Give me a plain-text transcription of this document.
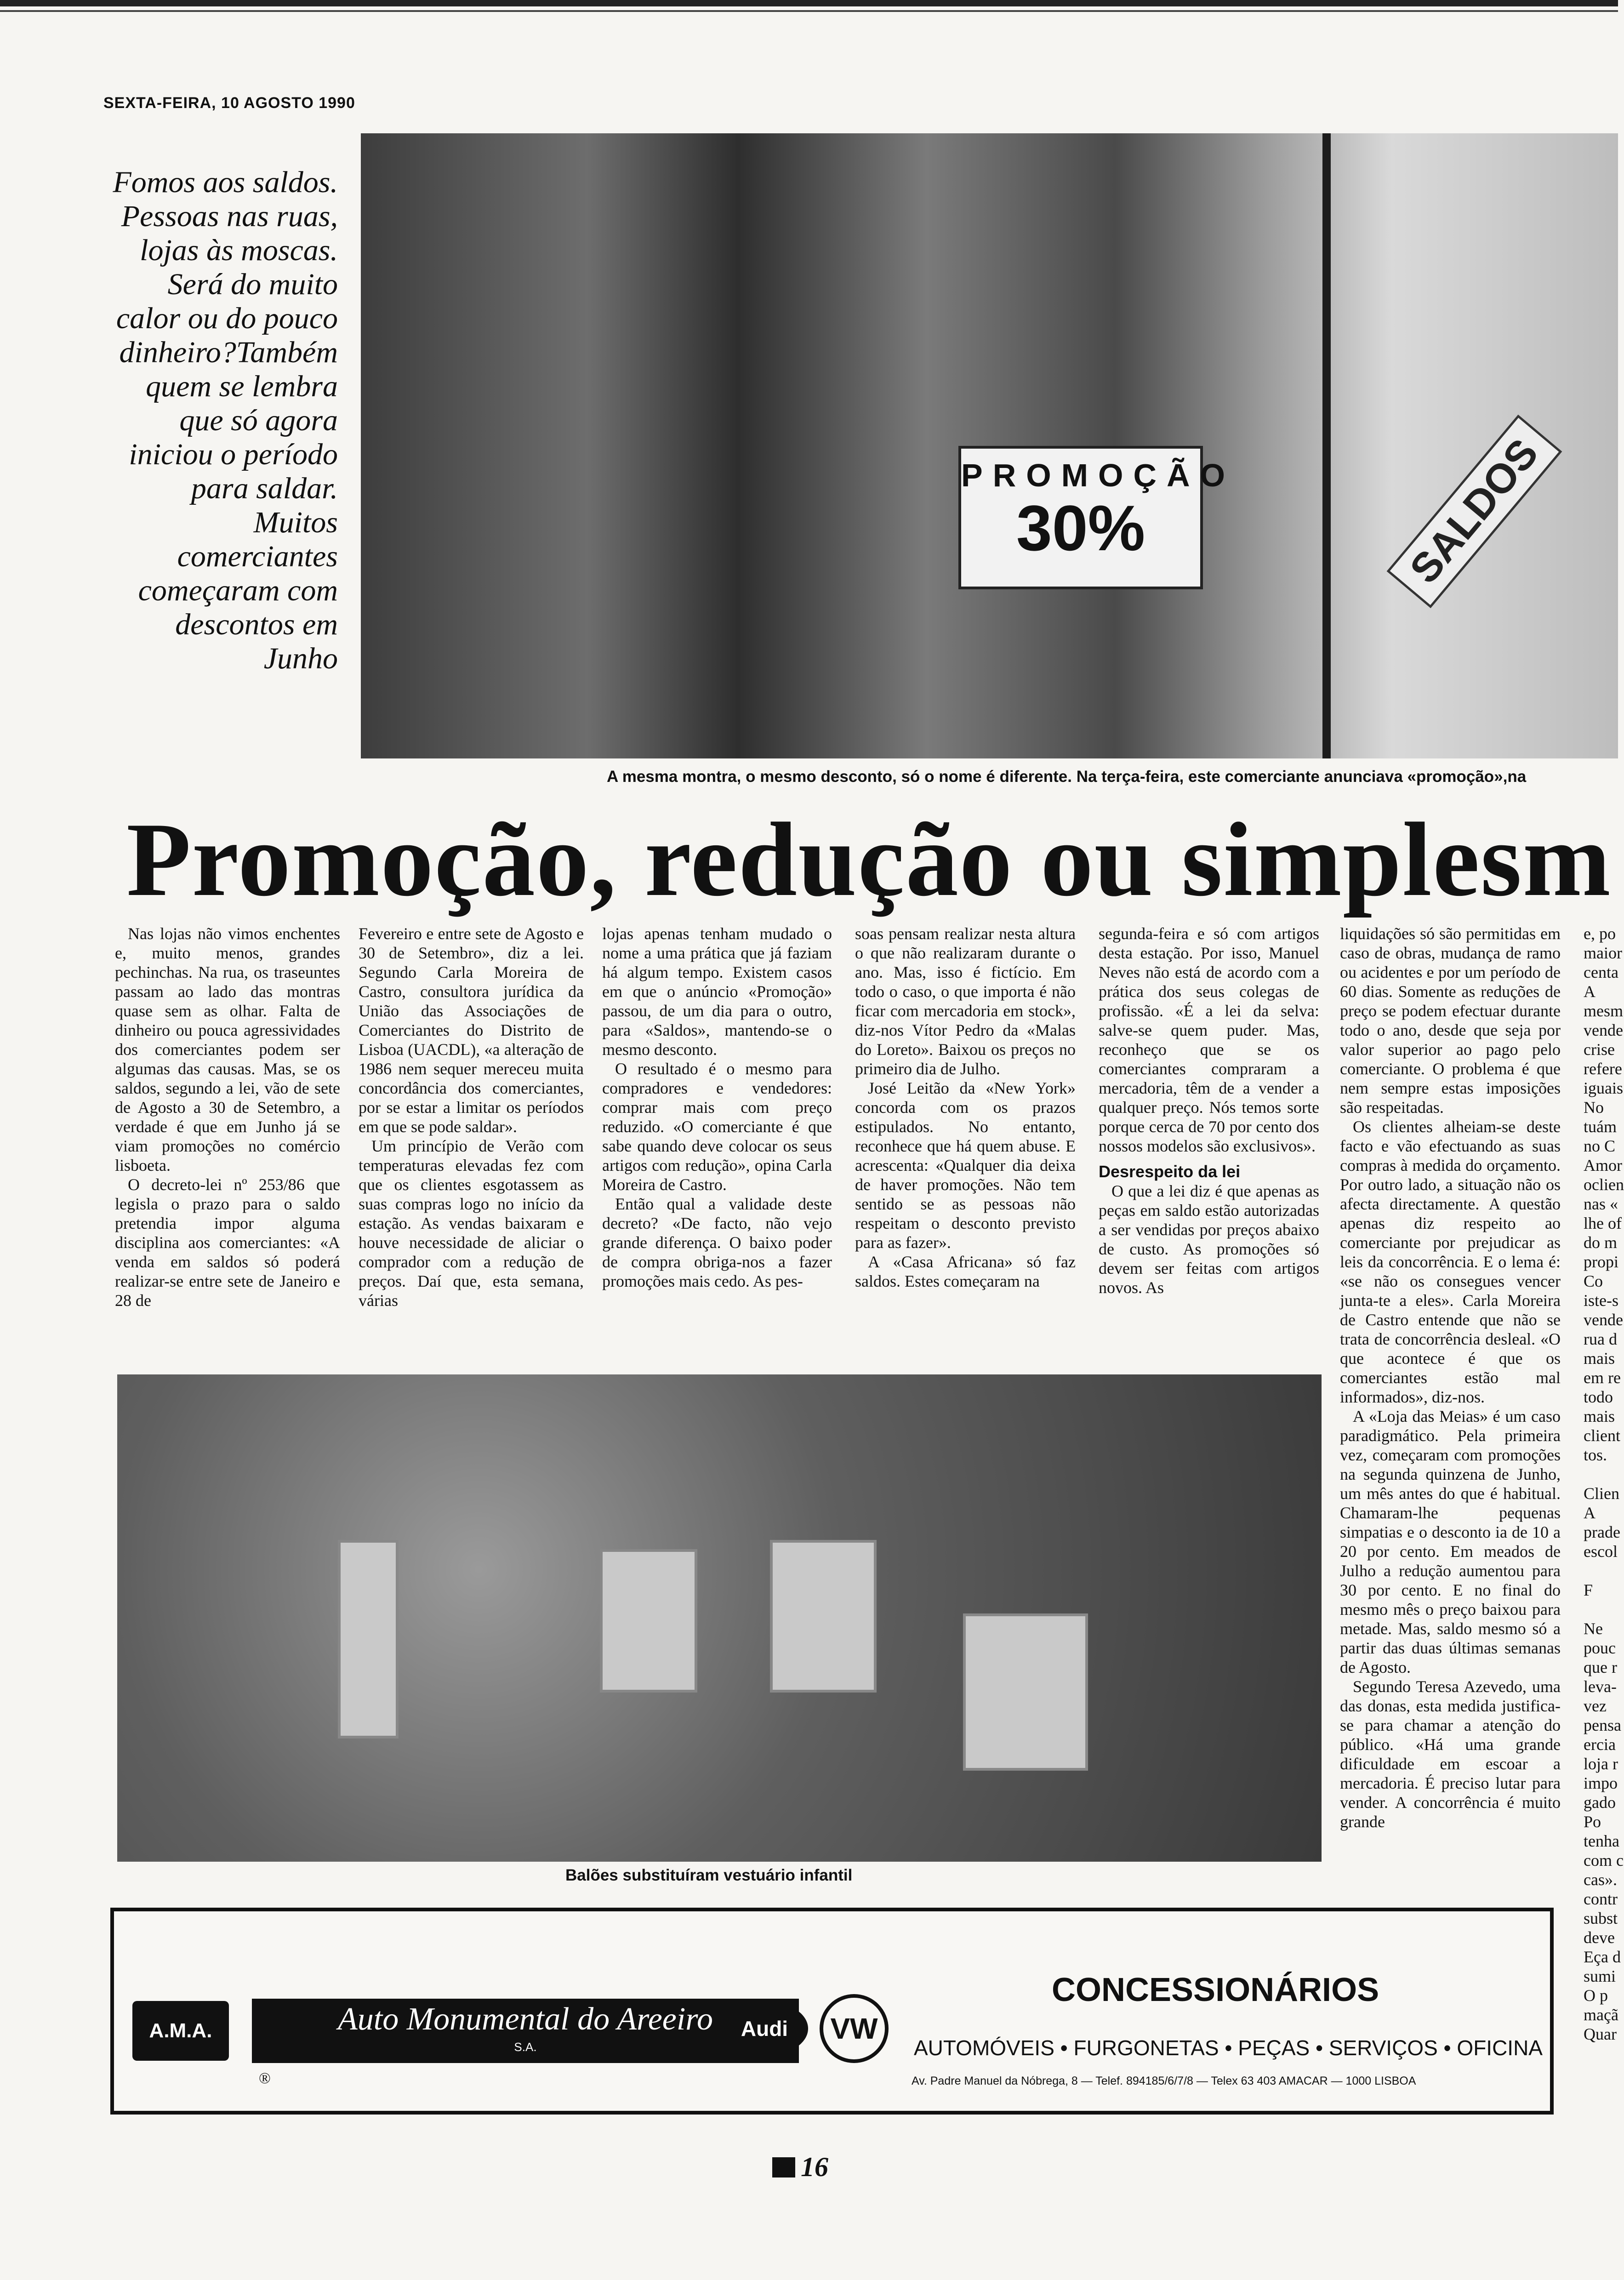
SEXTA-FEIRA, 10 AGOSTO 1990
Fomos aos saldos. Pessoas nas ruas, lojas às moscas. Será do muito calor ou do pouco dinheiro?Também quem se lembra que só agora iniciou o período para saldar. Muitos comerciantes começaram com descontos em Junho
PROMOÇÃO
30%	SALDOS
A mesma montra, o mesmo desconto, só o nome é diferente. Na terça-feira, este comerciante anunciava «promoção»,na
Promoção, redução ou simplesm

Nas lojas não vimos enchentes e, muito menos, grandes pechinchas. Na rua, os traseuntes passam ao lado das montras quase sem as olhar. Falta de dinheiro ou pouca agressividades dos comerciantes podem ser algumas das causas. Mas, se os saldos, segundo a lei, vão de sete de Agosto a 30 de Setembro, a verdade é que em Junho já se viam promoções no comércio lisboeta.

O decreto-lei nº 253/86 que legisla o prazo para o saldo pretendia impor alguma disciplina aos comerciantes: «A venda em saldos só poderá realizar-se entre sete de Janeiro e 28 de

Fevereiro e entre sete de Agosto e 30 de Setembro», diz a lei. Segundo Carla Moreira de Castro, consultora jurídica da União das Associações de Comerciantes do Distrito de Lisboa (UACDL), «a alteração de 1986 nem sequer mereceu muita concordância dos comerciantes, por se estar a limitar os períodos em que se pode saldar».

Um princípio de Verão com temperaturas elevadas fez com que os clientes esgotassem as suas compras logo no início da estação. As vendas baixaram e houve necessidade de aliciar o comprador com a redução de preços. Daí que, esta semana, várias

lojas apenas tenham mudado o nome a uma prática que já faziam há algum tempo. Existem casos em que o anúncio «Promoção» passou, de um dia para o outro, para «Saldos», mantendo-se o mesmo desconto.

O resultado é o mesmo para compradores e vendedores: comprar mais com preço reduzido. «O comerciante é que sabe quando deve colocar os seus artigos com redução», opina Carla Moreira de Castro.

Então qual a validade deste decreto? «De facto, não vejo grande diferença. O baixo poder de compra obriga-nos a fazer promoções mais cedo. As pes-

soas pensam realizar nesta altura o que não realizaram durante o ano. Mas, isso é fictício. Em todo o caso, o que importa é não ficar com mercadoria em stock», diz-nos Vítor Pedro da «Malas do Loreto». Baixou os preços no primeiro dia de Julho.

José Leitão da «New York» concorda com os prazos estipulados. No entanto, reconhece que há quem abuse. E acrescenta: «Qualquer dia deixa de haver promoções. Não tem sentido se as pessoas não respeitam o desconto previsto para as fazer».

A «Casa Africana» só faz saldos. Estes começaram na

segunda-feira e só com artigos desta estação. Por isso, Manuel Neves não está de acordo com a prática dos seus colegas de profissão. «É a lei da selva: salve-se quem puder. Mas, reconheço que se os comerciantes compraram a mercadoria, têm de a vender a qualquer preço. Nós temos sorte porque cerca de 70 por cento dos nossos modelos são exclusivos».

Desrespeito da lei

O que a lei diz é que apenas as peças em saldo estão autorizadas a ser vendidas por preços abaixo de custo. As promoções só devem ser feitas com artigos novos. As

liquidações só são permitidas em caso de obras, mudança de ramo ou acidentes e por um período de 60 dias. Somente as reduções de preço se podem efectuar durante todo o ano, desde que seja por valor superior ao pago pelo comerciante. O problema é que nem sempre estas imposições são respeitadas.

Os clientes alheiam-se deste facto e vão efectuando as suas compras à medida do orçamento. Por outro lado, a situação não os afecta directamente. A questão apenas diz respeito ao comerciante por prejudicar as leis da concorrência. E o lema é: «se não os consegues vencer junta-te a eles». Carla Moreira de Castro entende que não se trata de concorrência desleal. «O que acontece é que os comerciantes estão mal informados», diz-nos.

A «Loja das Meias» é um caso paradigmático. Pela primeira vez, começaram com promoções na segunda quinzena de Junho, um mês antes do que é habitual. Chamaram-lhe pequenas simpatias e o desconto ia de 10 a 20 por cento. Em meados de Julho a redução aumentou para 30 por cento. E no final do mesmo mês o preço baixou para metade. Mas, saldo mesmo só a partir das duas últimas semanas de Agosto.

Segundo Teresa Azevedo, uma das donas, esta medida justifica-se para chamar a atenção do público. «Há uma grande dificuldade em escoar a mercadoria. É preciso lutar para vender. A concorrência é muito grande

e, po
maior
centa
A
mesm
vende
crise
refere
iguais
No
tuám
no C
Amor
oclien
nas «
lhe of
do m
propi
Co
iste-s
vende
rua d
mais
em re
todo
mais
client
tos.

Clien
A
prade
escol

F

Ne
pouc
que r
leva-
vez
pensa
ercia
loja r
impo
gado
Po
tenha
com c
cas».
contr
subst
deve
Eça d
sumi
O p
maçã
Quar
Balões substituíram vestuário infantil
A.M.A.	Auto Monumental do Areeiro
S.A.
®
Audi	VW
CONCESSIONÁRIOS
AUTOMÓVEIS • FURGONETAS • PEÇAS • SERVIÇOS • OFICINA
Av. Padre Manuel da Nóbrega, 8 — Telef. 894185/6/7/8 — Telex 63 403 AMACAR — 1000 LISBOA
16
